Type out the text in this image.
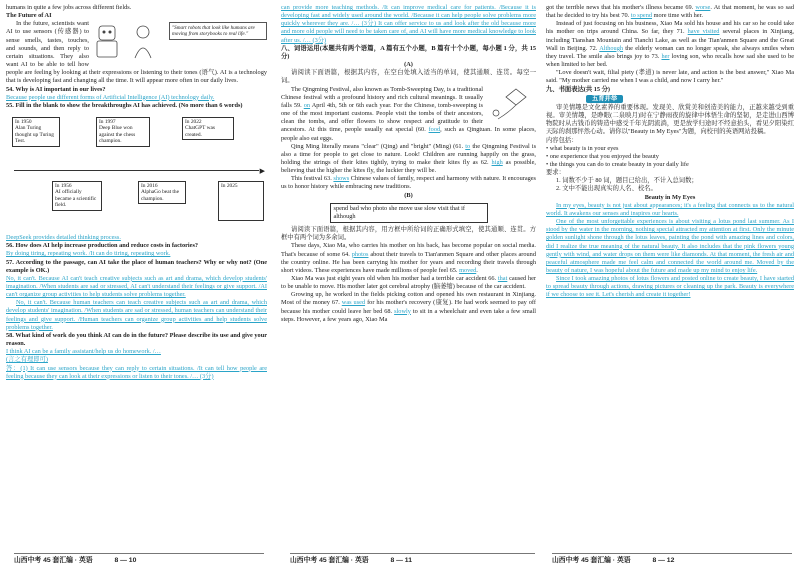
humans in quite a few jobs across different fields.

The Future of AI

"Smart robots that look like humans are moving from storybooks to real life."

In the future, scientists want AI to use sensors (传感器) to sense smells, tastes, touches, and sounds, and then reply to certain situations. They also want AI to be able to tell how people are feeling by looking at their expressions or listening to their tones (语气). AI is a technology that is developing fast and changing all the time. It will appear more often in our daily lives.

54. Why is AI important in our lives?

Because people use different forms of Artificial Intelligence (AI) technology daily.

55. Fill in the blank to show the breakthroughs AI has achieved. (No more than 6 words)

In 1950
Alan Turing thought up Turing Test.
In 1997
Deep Blue won against the chess champion.
In 2022
ChatGPT was created.
▶
In 1956
AI officially became a scientific field.
In 2016
AlphaGo beat the champion.
In 2025

DeepSeek provides detailed thinking process.

56. How does AI help increase production and reduce costs in factories?

By doing tiring, repeating work. /It can do tiring, repeating work.

57. According to the passage, can AI take the place of human teachers? Why or why not? (One example is OK.)

No, it can't. Because AI can't teach creative subjects such as art and drama, which develop students' imagination. /When students are sad or stressed, AI can't understand their feelings or give support. /AI can't organize group activities to help students solve problems together.

No, it can't. Because human teachers can teach creative subjects such as art and drama, which develop students' imagination. /When students are sad or stressed, human teachers can understand their feelings and give support. /Human teachers can organize group activities and help students solve problems together.

58. What kind of work do you think AI can do in the future? Please describe its use and give your reason.

I think AI can be a family assistant/help us do homework. /…

(言之有理即可)

答：(1) It can use sensors because they can reply to certain situations. /It can tell how people are feeling because they can look at their expressions or listen to their tones. /… (3分)

can provide more teaching methods. /It can improve medical care for patients. /Because it is developing fast and widely used around the world. /Because it can help people solve problems more quickly wherever they are. /… (3分) It can offer service to us and look after the old because more and more old people will need to be taken care of, and AI will have more medical knowledge to look after us. /… (3分)

八、词语运用(本题共有两个语篇，A 篇有五个小题，B 篇有十个小题，每小题 1 分，共 15 分)

(A)

请阅读下面语篇，根据其内容，在空白处填入适当的单词，使其通顺、连贯。每空一词。

The Qingming Festival, also known as Tomb-Sweeping Day, is a traditional Chinese festival with a profound history and rich cultural meanings. It usually falls 59. on April 4th, 5th or 6th each year. For the Chinese, tomb-sweeping is one of the most important customs. People visit the tombs of their ancestors, clean the tombs, and offer flowers to show respect and gratitude to their ancestors. At this time, people usually eat special (60. food, such as Qingtuan. In some places, people also eat eggs.

Qing Ming literally means "clear" (Qing) and "bright" (Ming) (61. to the Qingming Festival is also a time for people to get close to nature. Look! Children are running happily on the grass, holding the strings of their kites tightly, trying to make their kites fly as 62. high as possible, believing that the higher the kites fly, the luckier they will be.

This festival 63. shows Chinese values of family, respect and harmony with nature. It encourages us to honor history while embracing new traditions.

(B)

spend bad who photo she move use slow visit that if although

请阅读下面语篇，根据其内容，用方框中所给词的正确形式填空，使其通顺、连贯。方框中有两个词为多余词。

These days, Xiao Ma, who carries his mother on his back, has become popular on social media. That's because of some 64. photos about their travels to Tian'anmen Square and other places around the country online. He has been carrying his mother for years and recording their travels through short videos. These experiences have made millions of people feel 65. moved.

Xiao Ma was just eight years old when his mother had a terrible car accident 66. that caused her to be unable to move. His mother later got cerebral atrophy (脑萎缩) because of the car accident.

Growing up, he worked in the fields picking cotton and opened his own restaurant in Xinjiang. Most of the money 67. was used for his mother's recovery (康复). He had work seemed to pay off because his mother could leave her bed 68. slowly to sit in a wheelchair and even take a few small steps. However, a few years ago, Xiao Ma

got the terrible news that his mother's illness became 69. worse. At that moment, he was so sad that he decided to try his best 70. to spend more time with her.

Instead of just focusing on his business, Xiao Ma sold his house and his car so he could take his mother on trips around China. So far, they 71. have visited several places in Xinjiang, including Tianshan Mountain and Tianchi Lake, as well as the Tian'anmen Square and the Great Wall in Beijing. 72. Although the elderly woman can no longer speak, she always smiles when they travel. The smile also brings joy to 73. her loving son, who recalls how sad she used to be when limited to her bed.

"Love doesn't wait, filial piety (孝道) is never late, and action is the best answer," Xiao Ma said. "My mother carried me when I was a child, and now I carry her."

九、书面表达(共 15 分)

五育并举

审美情趣是文化素养的重要体现。发现美、欣赏美和创造美的能力，正越来越受到重视。审美情趣，是睁眼(二泉映月)时在宁静雨夜的旋律中体悟生命的坚韧，是走进山西博物院时从古钱币的铸造中感受千年光阴流淌，更是放学归途时不经意抬头，看见夕阳染红天际的刹那怦然心动。请你以"Beauty in My Eyes"为题，向校刊的英语网站投稿。

内容包括：

• what beauty is in your eyes

• one experience that you enjoyed the beauty

• the things you can do to create beauty in your daily life

要求：

1. 词数不少于 80 词，题目已给出，不计入总词数；

2. 文中不能出现真实的人名、校名。

Beauty in My Eyes

In my eyes, beauty is not just about appearances; it's a feeling that connects us to the natural world. It awakens our senses and inspires our hearts.

One of the most unforgettable experiences is about visiting a lotus pond last summer. As I stood by the water in the morning, nothing special attracted my attention at first. Only the minute golden sunlight shone through the lotus leaves, painting the pond with amazing lines and colors, did I realize the true meaning of the natural beauty. It also includes that the pink flowers young gently with wind, and water drops on them were like diamonds. At that moment, the fresh air and peaceful atmosphere made me feel calm and connected the world around me. Moved by the beauty of nature, I was hopeful about the future and made up my mind to enjoy life.

Since I took amazing photos of lotus flowers and posted online to create beauty, I have started to spread beauty through actions, drawing pictures or cleaning up the park. Beauty is everywhere if we choose to see it. Let's cherish and create it together!

山西中考 45 套汇编 · 英语	8 — 10	山西中考 45 套汇编 · 英语	8 — 11	山西中考 45 套汇编 · 英语	8 — 12
